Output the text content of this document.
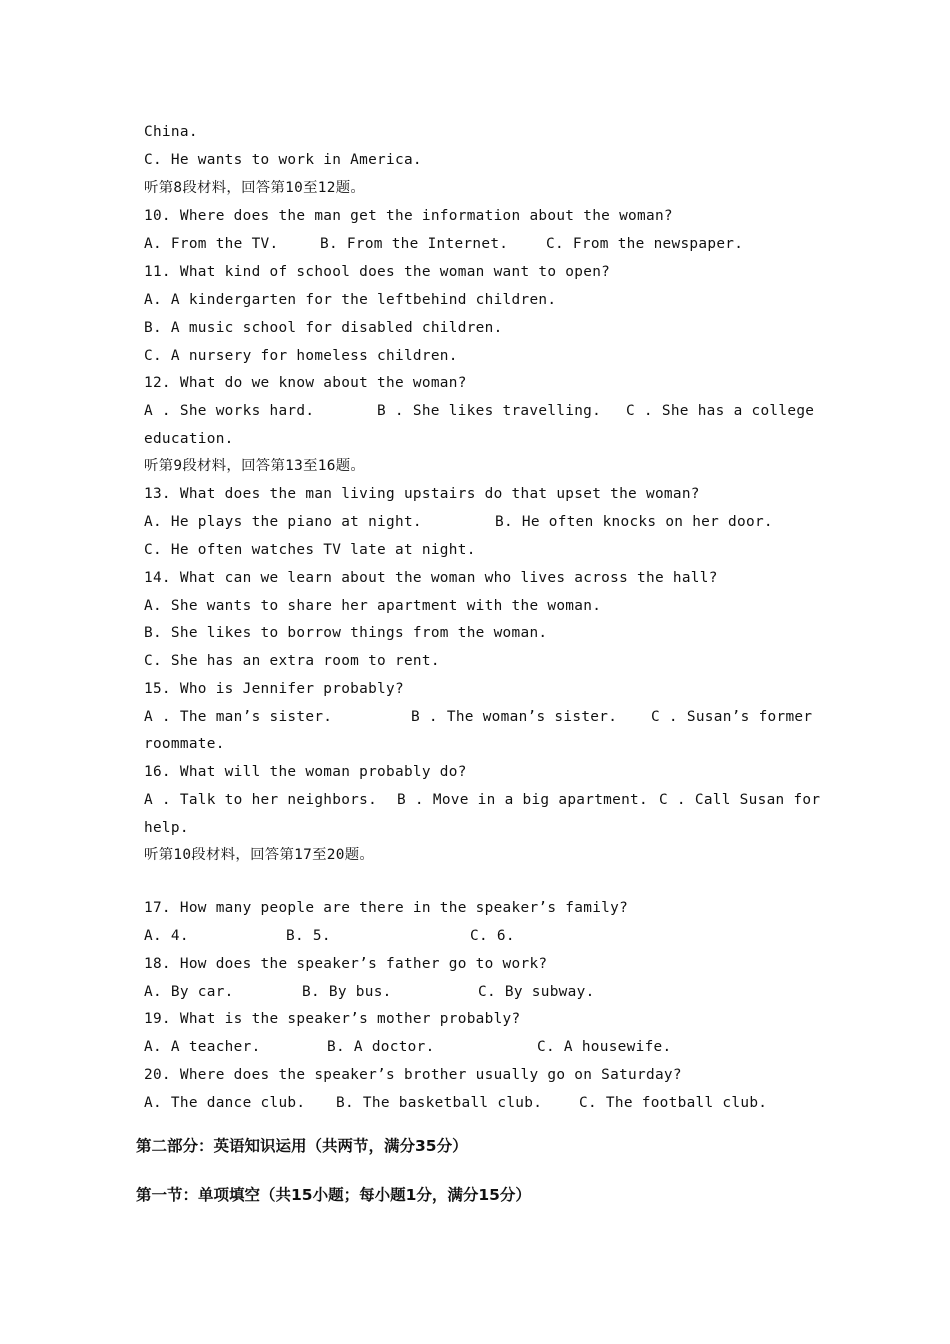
China.
C. He wants to work in America.
听第8段材料，回答第10至12题。
10. Where does the man get the information about the woman?
A. From the TV.	B. From the Internet.	C. From the newspaper.
11. What kind of school does the woman want to open?
A. A kindergarten for the leftbehind children.
B. A music school for disabled children.
C. A nursery for homeless children.
12. What do we know about the woman?
A . She works hard.	B . She likes travelling. C . She has a college
education.
听第9段材料，回答第13至16题。
13. What does the man living upstairs do that upset the woman?
A. He plays the piano at night.	B. He often knocks on her door.
C. He often watches TV late at night.
14. What can we learn about the woman who lives across the hall?
A. She wants to share her apartment with the woman.
B. She likes to borrow things from the woman.
C. She has an extra room to rent.
15. Who is Jennifer probably?
A . The man’s sister.	B . The woman’s sister. C . Susan’s former
roommate.
16. What will the woman probably do?
A . Talk to her neighbors. B . Move in a big apartment. C . Call Susan for
help.
听第10段材料，回答第17至20题。
17. How many people are there in the speaker’s family?
A. 4.	B. 5.	C. 6.
18. How does the speaker’s father go to work?
A. By car.	B. By bus.	C. By subway.
19. What is the speaker’s mother probably?
A. A teacher.	B. A doctor.	C. A housewife.
20. Where does the speaker’s brother usually go on Saturday?
A. The dance club. B. The basketball club.	C. The football club.
第二部分：英语知识运用（共两节，满分35分）
第一节：单项填空（共15小题；每小题1分，满分15分）
